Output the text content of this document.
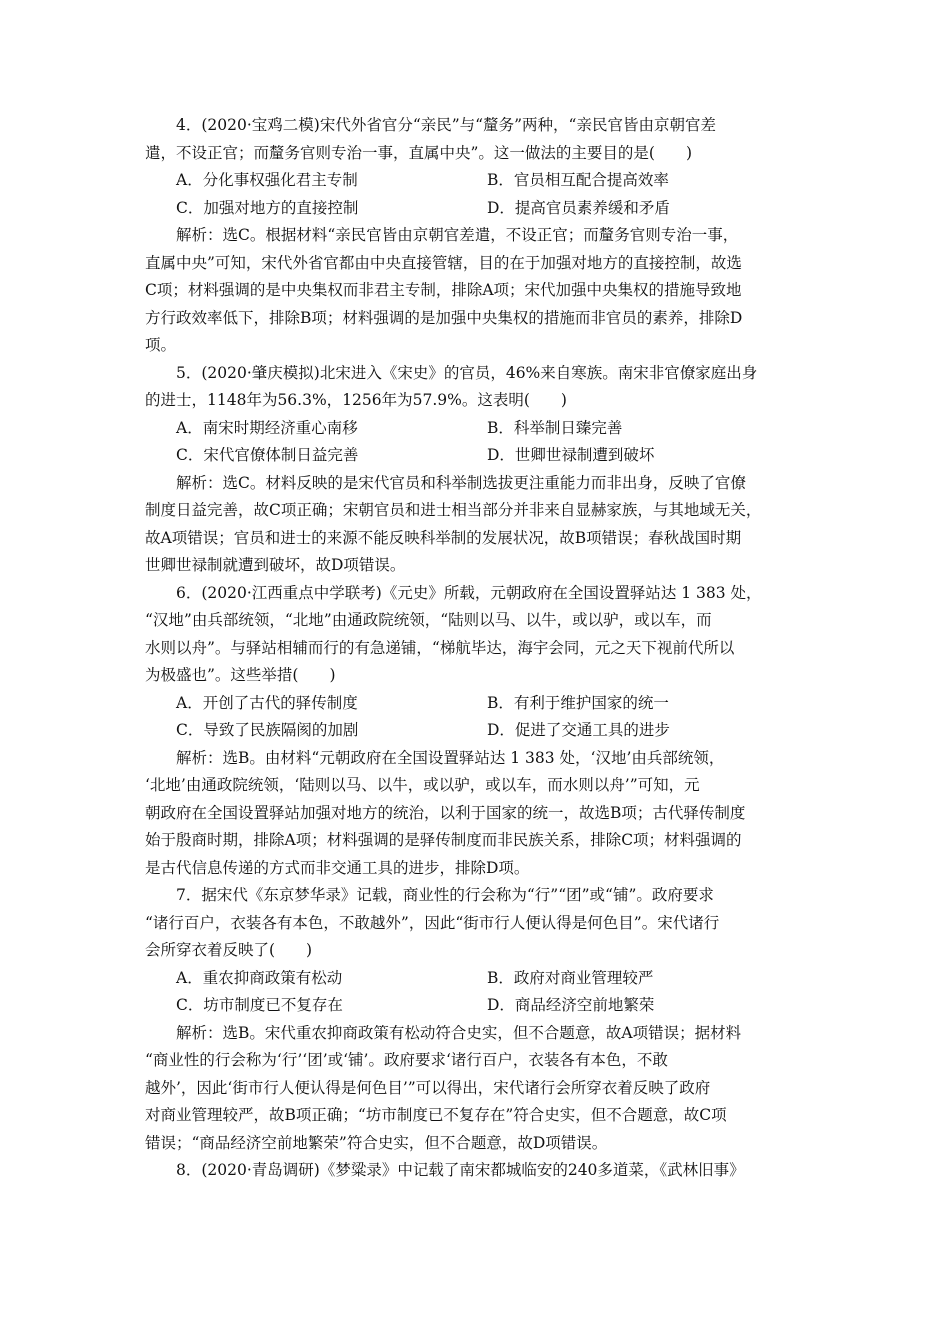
4．(2020·宝鸡二模)宋代外省官分“亲民”与“釐务”两种，“亲民官皆由京朝官差
遣，不设正官；而釐务官则专治一事，直属中央”。这一做法的主要目的是(　　)
A．分化事权强化君主专制	B．官员相互配合提高效率
C．加强对地方的直接控制	D．提高官员素养缓和矛盾
解析：选C。根据材料“亲民官皆由京朝官差遣，不设正官；而釐务官则专治一事，
直属中央”可知，宋代外省官都由中央直接管辖，目的在于加强对地方的直接控制，故选
C项；材料强调的是中央集权而非君主专制，排除A项；宋代加强中央集权的措施导致地
方行政效率低下，排除B项；材料强调的是加强中央集权的措施而非官员的素养，排除D
项。
5．(2020·肇庆模拟)北宋进入《宋史》的官员，46%来自寒族。南宋非官僚家庭出身
的进士，1148年为56.3%，1256年为57.9%。这表明(　　)
A．南宋时期经济重心南移	B．科举制日臻完善
C．宋代官僚体制日益完善	D．世卿世禄制遭到破坏
解析：选C。材料反映的是宋代官员和科举制选拔更注重能力而非出身，反映了官僚
制度日益完善，故C项正确；宋朝官员和进士相当部分并非来自显赫家族，与其地域无关，
故A项错误；官员和进士的来源不能反映科举制的发展状况，故B项错误；春秋战国时期
世卿世禄制就遭到破坏，故D项错误。
6．(2020·江西重点中学联考)《元史》所载，元朝政府在全国设置驿站达 1 383 处，
“汉地”由兵部统领，“北地”由通政院统领，“陆则以马、以牛，或以驴，或以车，而
水则以舟”。与驿站相辅而行的有急递铺，“梯航毕达，海宇会同，元之天下视前代所以
为极盛也”。这些举措(　　)
A．开创了古代的驿传制度	B．有利于维护国家的统一
C．导致了民族隔阂的加剧	D．促进了交通工具的进步
解析：选B。由材料“元朝政府在全国设置驿站达 1 383 处，‘汉地’由兵部统领，
‘北地’由通政院统领，‘陆则以马、以牛，或以驴，或以车，而水则以舟’”可知，元
朝政府在全国设置驿站加强对地方的统治，以利于国家的统一，故选B项；古代驿传制度
始于殷商时期，排除A项；材料强调的是驿传制度而非民族关系，排除C项；材料强调的
是古代信息传递的方式而非交通工具的进步，排除D项。
7．据宋代《东京梦华录》记载，商业性的行会称为“行”“团”或“铺”。政府要求
“诸行百户，衣装各有本色，不敢越外”，因此“街市行人便认得是何色目”。宋代诸行
会所穿衣着反映了(　　)
A．重农抑商政策有松动	B．政府对商业管理较严
C．坊市制度已不复存在	D．商品经济空前地繁荣
解析：选B。宋代重农抑商政策有松动符合史实，但不合题意，故A项错误；据材料
“商业性的行会称为‘行’‘团’或‘铺’。政府要求‘诸行百户，衣装各有本色，不敢
越外’，因此‘街市行人便认得是何色目’”可以得出，宋代诸行会所穿衣着反映了政府
对商业管理较严，故B项正确；“坊市制度已不复存在”符合史实，但不合题意，故C项
错误；“商品经济空前地繁荣”符合史实，但不合题意，故D项错误。
8．(2020·青岛调研)《梦粱录》中记载了南宋都城临安的240多道菜，《武林旧事》
